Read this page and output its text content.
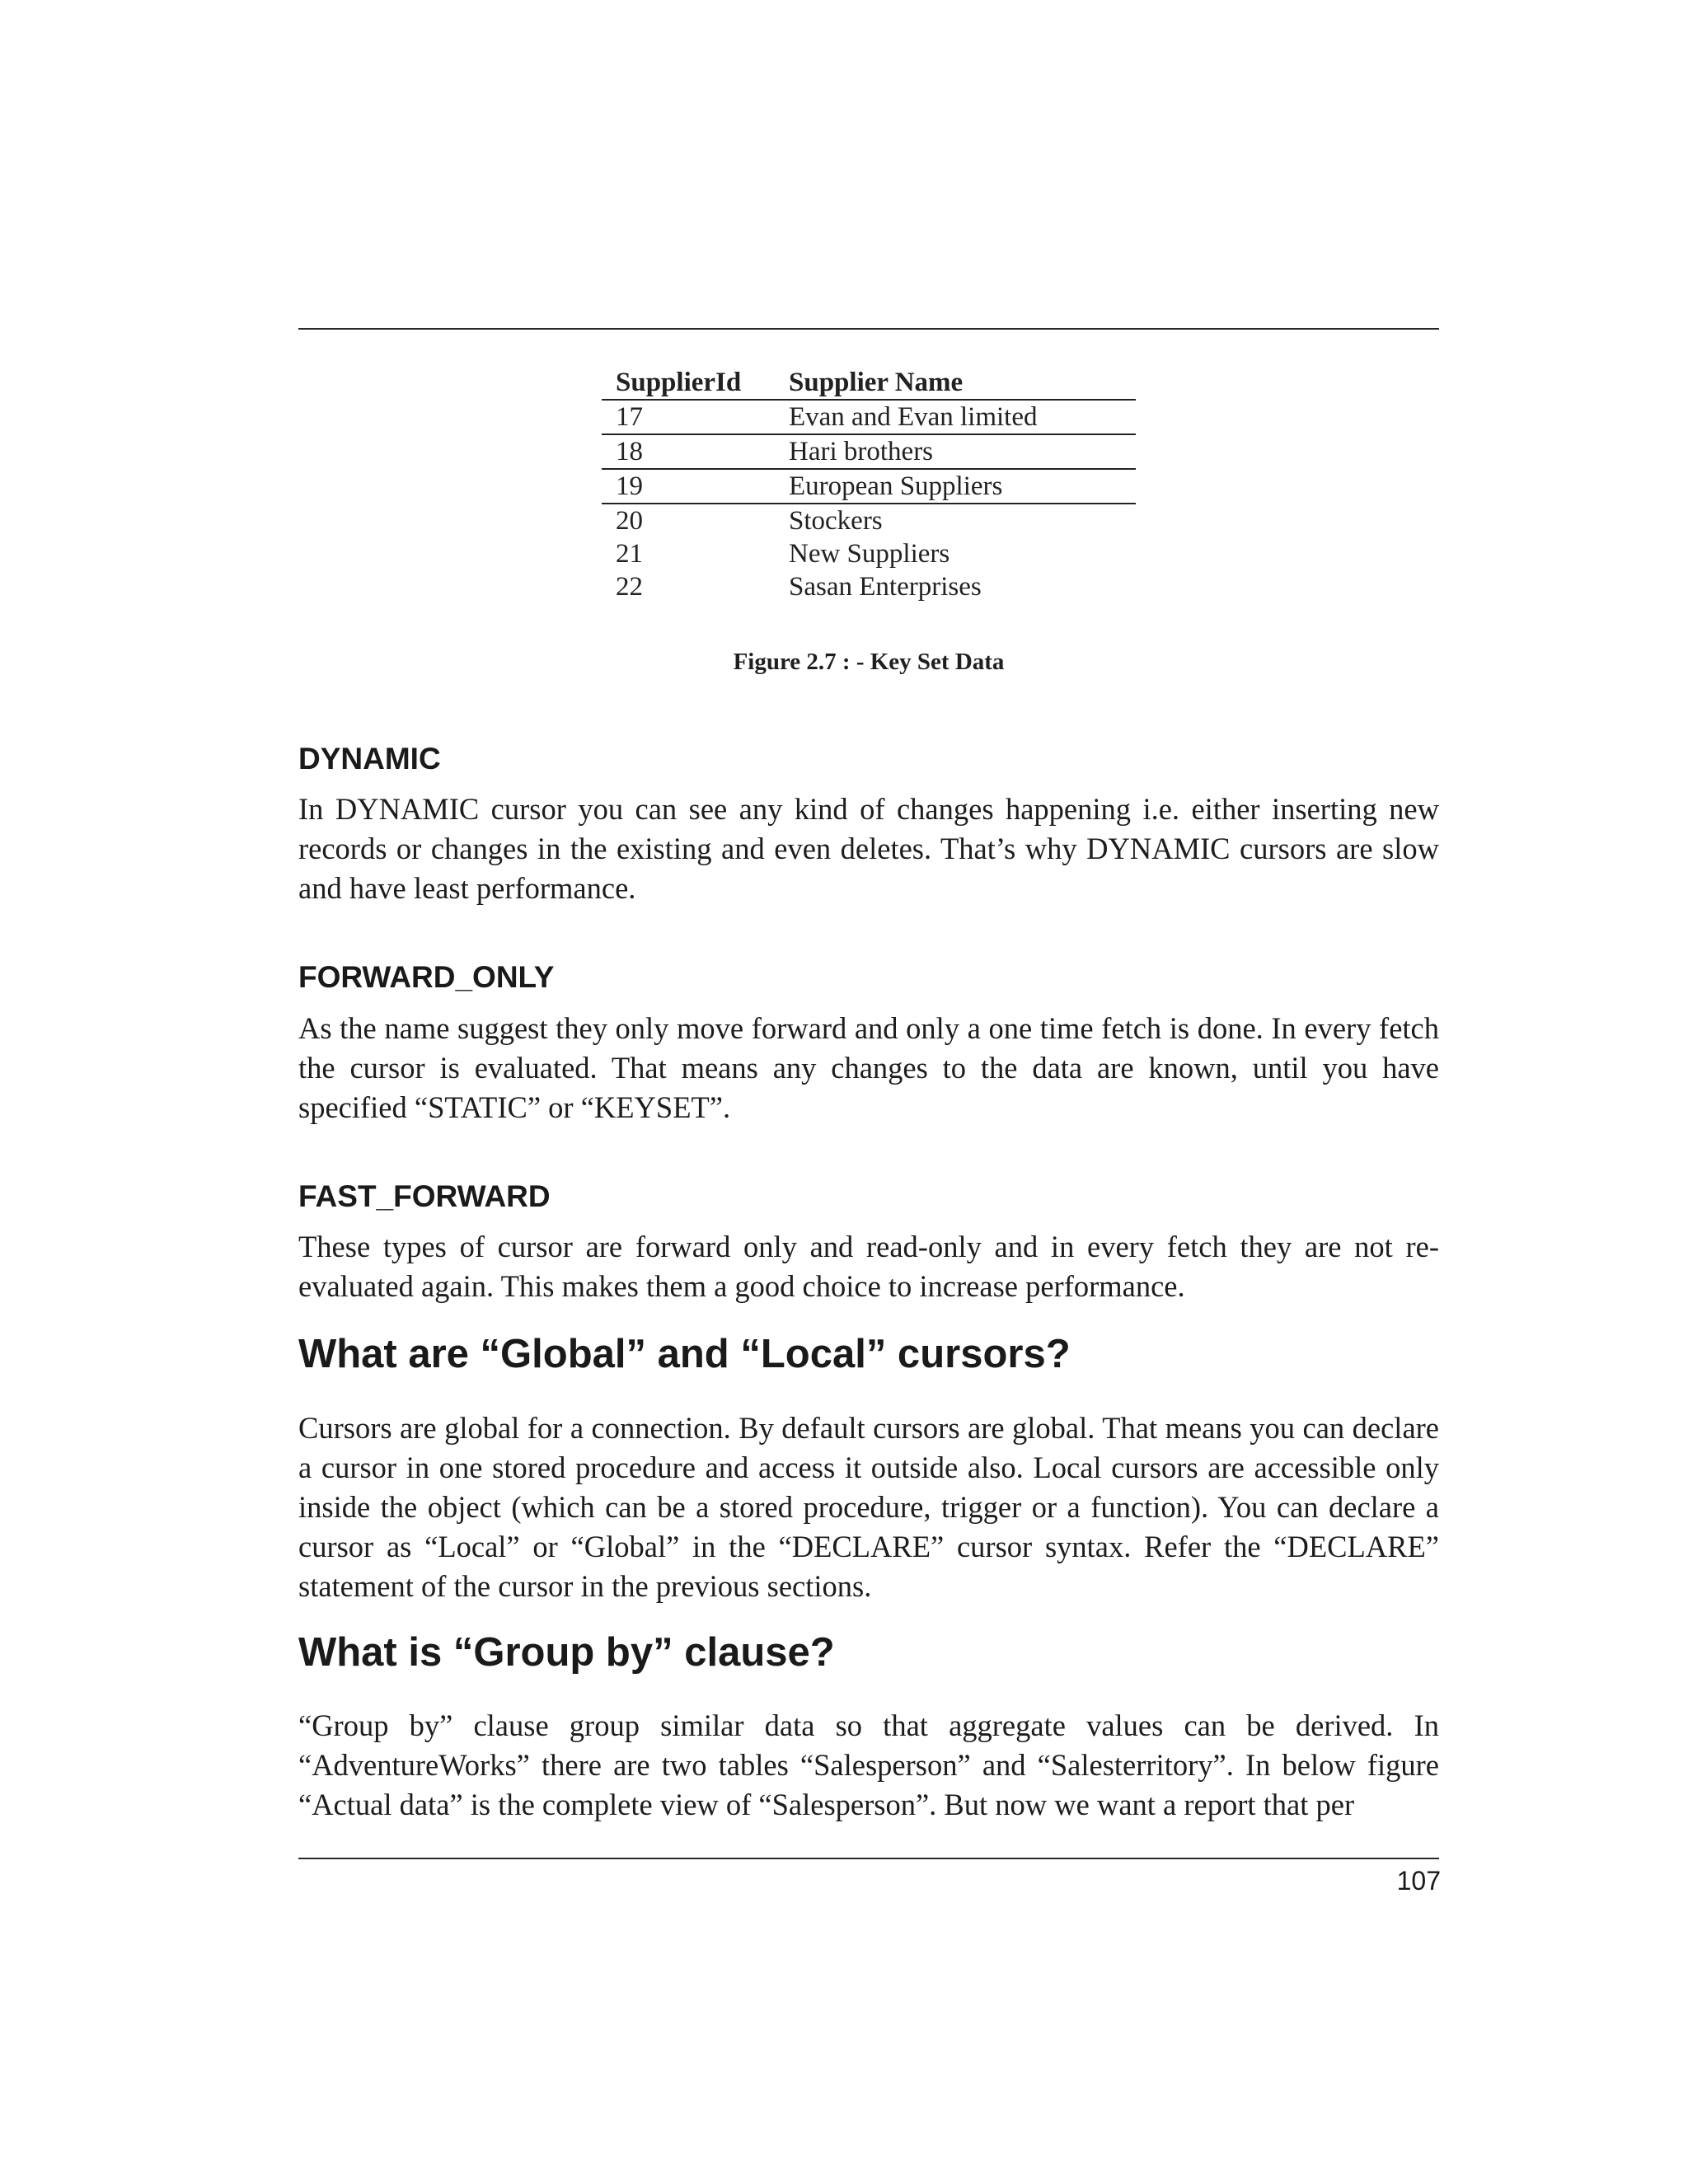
SupplierId	Supplier Name
17	Evan and Evan limited
18	Hari brothers
19	European Suppliers
20	Stockers
21	New Suppliers
22	Sasan Enterprises
Figure 2.7 : - Key Set Data
DYNAMIC

In DYNAMIC cursor you can see any kind of changes happening i.e. either inserting new records or changes in the existing and even deletes. That’s why DYNAMIC cursors are slow and have least performance.

FORWARD_ONLY

As the name suggest they only move forward and only a one time fetch is done. In every fetch the cursor is evaluated. That means any changes to the data are known, until you have specified “STATIC” or “KEYSET”.

FAST_FORWARD

These types of cursor are forward only and read-only and in every fetch they are not re-evaluated again. This makes them a good choice to increase performance.

What are “Global” and “Local” cursors?

Cursors are global for a connection. By default cursors are global. That means you can declare a cursor in one stored procedure and access it outside also. Local cursors are accessible only inside the object (which can be a stored procedure, trigger or a function). You can declare a cursor as “Local” or “Global” in the “DECLARE” cursor syntax. Refer the “DECLARE” statement of the cursor in the previous sections.

What is “Group by” clause?

“Group by” clause group similar data so that aggregate values can be derived. In “AdventureWorks” there are two tables “Salesperson” and “Salesterritory”. In below figure “Actual data” is the complete view of “Salesperson”. But now we want a report that per

107
